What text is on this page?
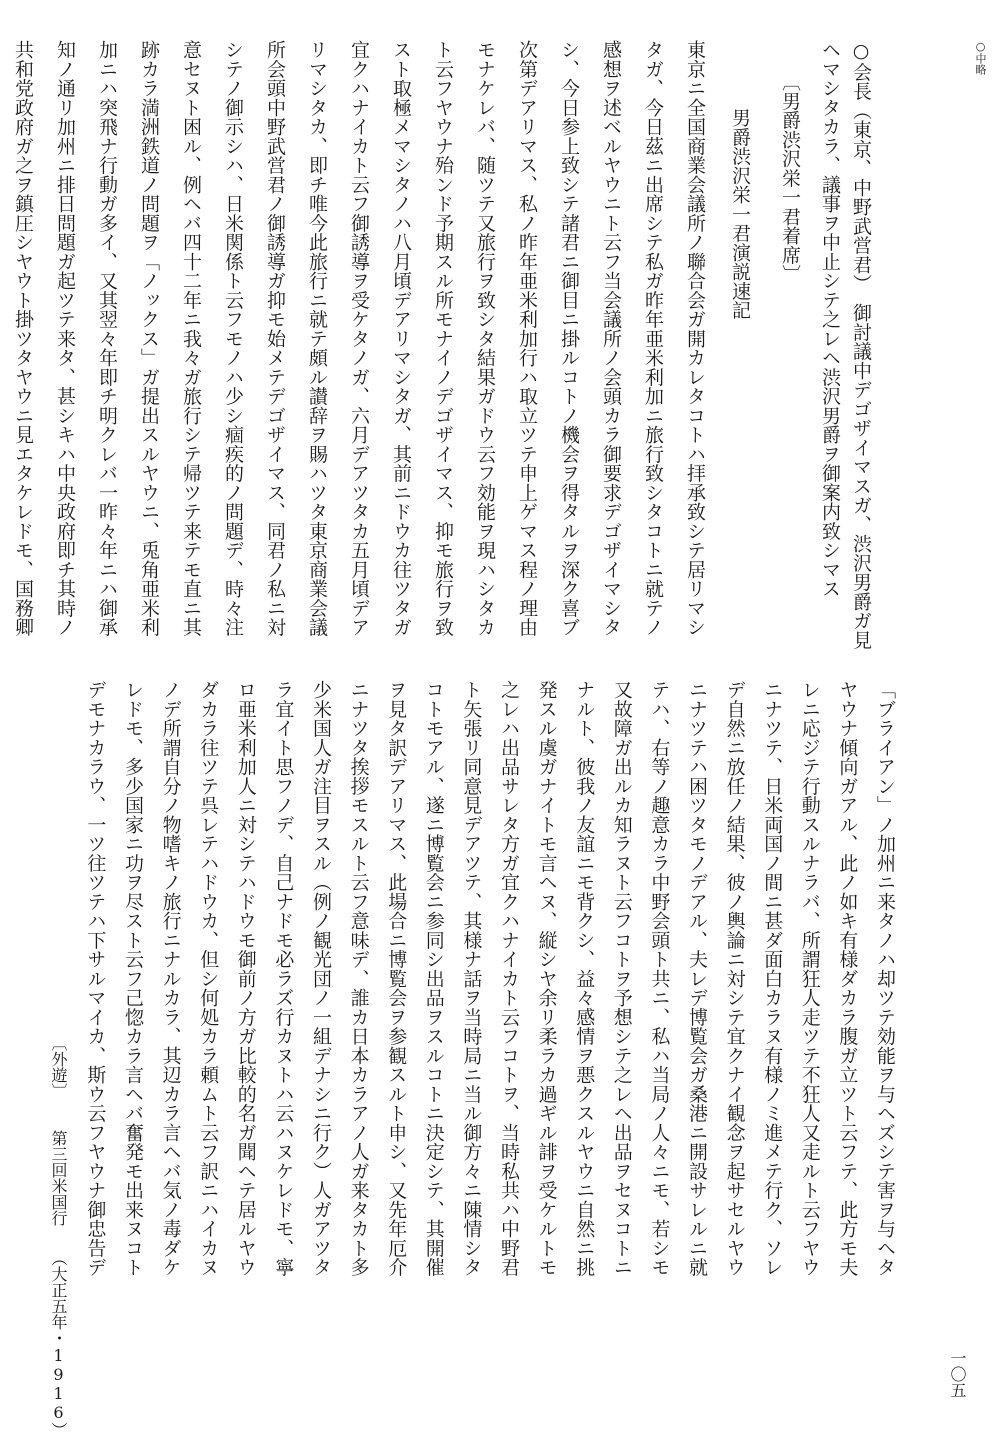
○中略
○会長（東京、中野武営君）　御討議中デゴザイマスガ、渋沢男爵ガ見
ヘマシタカラ、議事ヲ中止シテ之レヘ渋沢男爵ヲ御案内致シマス
〔男爵渋沢栄一君着席〕
男爵渋沢栄一君演説速記
東京ニ全国商業会議所ノ聯合会ガ開カレタコトハ拝承致シテ居リマシ
タガ、今日茲ニ出席シテ私ガ昨年亜米利加ニ旅行致シタコトニ就テノ
感想ヲ述ベルヤウニト云フ当会議所ノ会頭カラ御要求デゴザイマシタ
シ、今日参上致シテ諸君ニ御目ニ掛ルコトノ機会ヲ得タルヲ深ク喜ブ
次第デアリマス、私ノ昨年亜米利加行ハ取立ツテ申上ゲマス程ノ理由
モナケレバ、随ツテ又旅行ヲ致シタ結果ガドウ云フ効能ヲ現ハシタカ
ト云フヤウナ殆ンド予期スル所モナイノデゴザイマス、抑モ旅行ヲ致
スト取極メマシタノハ八月頃デアリマシタガ、其前ニドウカ往ツタガ
宜クハナイカト云フ御誘導ヲ受ケタノガ、六月デアツタカ五月頃デア
リマシタカ、即チ唯今此旅行ニ就テ頗ル讃辞ヲ賜ハツタ東京商業会議
所会頭中野武営君ノ御誘導ガ抑モ始メテデゴザイマス、同君ノ私ニ対
シテノ御示シハ、日米関係ト云フモノハ少シ痼疾的ノ問題デ、時々注
意セヌト困ル、例ヘバ四十二年ニ我々ガ旅行シテ帰ツテ来テモ直ニ其
跡カラ満洲鉄道ノ問題ヲ「ノックス」ガ提出スルヤウニ、兎角亜米利
加ニハ突飛ナ行動ガ多イ、又其翌々年即チ明クレバ一昨々年ニハ御承
知ノ通リ加州ニ排日問題ガ起ツテ来タ、甚シキハ中央政府即チ其時ノ
共和党政府ガ之ヲ鎮圧シヤウト掛ツタヤウニ見エタケレドモ、国務卿
「ブライアン」ノ加州ニ来タノハ却ツテ効能ヲ与ヘズシテ害ヲ与ヘタ
ヤウナ傾向ガアル、此ノ如キ有様ダカラ腹ガ立ツト云フテ、此方モ夫
レニ応ジテ行動スルナラバ、所謂狂人走ツテ不狂人又走ルト云フヤウ
ニナツテ、日米両国ノ間ニ甚ダ面白カラヌ有様ノミ進メテ行ク、ソレ
デ自然ニ放任ノ結果、彼ノ輿論ニ対シテ宜クナイ観念ヲ起サセルヤウ
ニナツテハ困ツタモノデアル、夫レデ博覧会ガ桑港ニ開設サレルニ就
テハ、右等ノ趣意カラ中野会頭ト共ニ、私ハ当局ノ人々ニモ、若シモ
又故障ガ出ルカ知ラヌト云フコトヲ予想シテ之レヘ出品ヲセヌコトニ
ナルト、彼我ノ友誼ニモ背クシ、益々感情ヲ悪クスルヤウニ自然ニ挑
発スル虞ガナイトモ言ヘヌ、縦シヤ余リ柔ラカ過ギル誹ヲ受ケルトモ
之レハ出品サレタ方ガ宜クハナイカト云フコトヲ、当時私共ハ中野君
ト矢張リ同意見デアツテ、其様ナ話ヲ当時局ニ当ル御方々ニ陳情シタ
コトモアル、遂ニ博覧会ニ参同シ出品ヲスルコトニ決定シテ、其開催
ヲ見タ訳デアリマス、此場合ニ博覧会ヲ参観スルト申シ、又先年厄介
ニナツタ挨拶モスルト云フ意味デ、誰カ日本カラアノ人ガ来タカト多
少米国人ガ注目ヲスル（例ノ観光団ノ一組デナシニ行ク）人ガアツタ
ラ宜イト思フノデ、自己ナドモ必ラズ行カヌトハ云ハヌケレドモ、寧
ロ亜米利加人ニ対シテハドウモ御前ノ方ガ比較的名ガ聞ヘテ居ルヤウ
ダカラ往ツテ呉レテハドウカ、但シ何処カラ頼ムト云フ訳ニハイカヌ
ノデ所謂自分ノ物嗜キノ旅行ニナルカラ、其辺カラ言ヘバ気ノ毒ダケ
レドモ、多少国家ニ功ヲ尽スト云フ己惚カラ言ヘバ奮発モ出来ヌコト
デモナカラウ、一ツ往ツテハ下サルマイカ、斯ウ云フヤウナ御忠告デ
〔外遊〕
第三回米国行
（大正五年・1916）	一〇五
